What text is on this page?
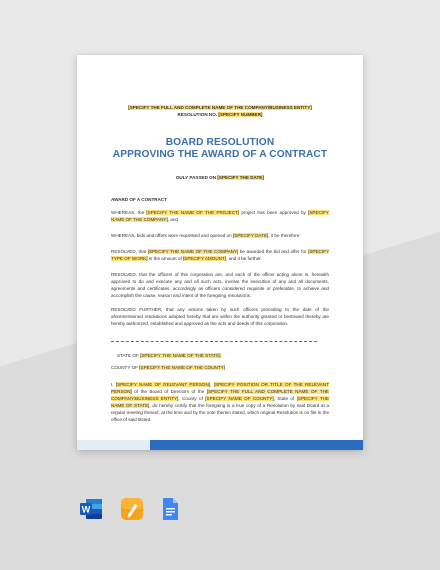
[SPECIFY THE FULL AND COMPLETE NAME OF THE COMPANY/BUSINESS ENTITY]
RESOLUTION NO. [SPECIFY NUMBER]
BOARD RESOLUTION
APPROVING THE AWARD OF A CONTRACT
DULY PASSED ON [SPECIFY THE DATE]
AWARD OF A CONTRACT
WHEREAS, the [SPECIFY THE NAME OF THE PROJECT] project has been approved by [SPECIFY NAME OF THE COMPANY], and
WHEREAS, bids and offers were requested and opened on [SPECIFY DATE], it be therefore:
RESOLVED, that [SPECIFY THE NAME OF THE COMPANY] be awarded the bid and offer for [SPECIFY TYPE OF WORK] in the amount of [SPECIFY AMOUNT], and it be further.
RESOLVED, that the officers of this corporation are, and each of the officer acting alone is, herewith approved to do and execute any and all such acts, involve the execution of any and all documents, agreements and certificates, accordingly as officers considered requisite or preferable, to achieve and accomplish the cause, reason and intent of the foregoing resolutions.
RESOLVED FURTHER, that any actions taken by such officers preceding to the date of the aforementioned resolutions adopted hereby that are within the authority granted or bestowed thereby are hereby authorized, established and approved as the acts and deeds of this corporation.
STATE OF [SPECIFY THE NAME OF THE STATE]
COUNTY OF [SPECIFY THE NAME OF THE COUNTY]
I, [SPECIFY NAME OF RELEVANT PERSON], [SPECIFY POSITION OR TITLE OF THE RELEVANT PERSON] of the Board of Directors of the [SPECIFY THE FULL AND COMPLETE NAME OF THE COMPANY/BUSINESS ENTITY], County of [SPECIFY NAME OF COUNTY], State of [SPECIFY THE NAME OF STATE], do hereby certify that the foregoing is a true copy of a Resolution by said Board at a regular meeting thereof, at the time and by the vote therein stated, which original Resolution is on file in the office of said Board.
W
